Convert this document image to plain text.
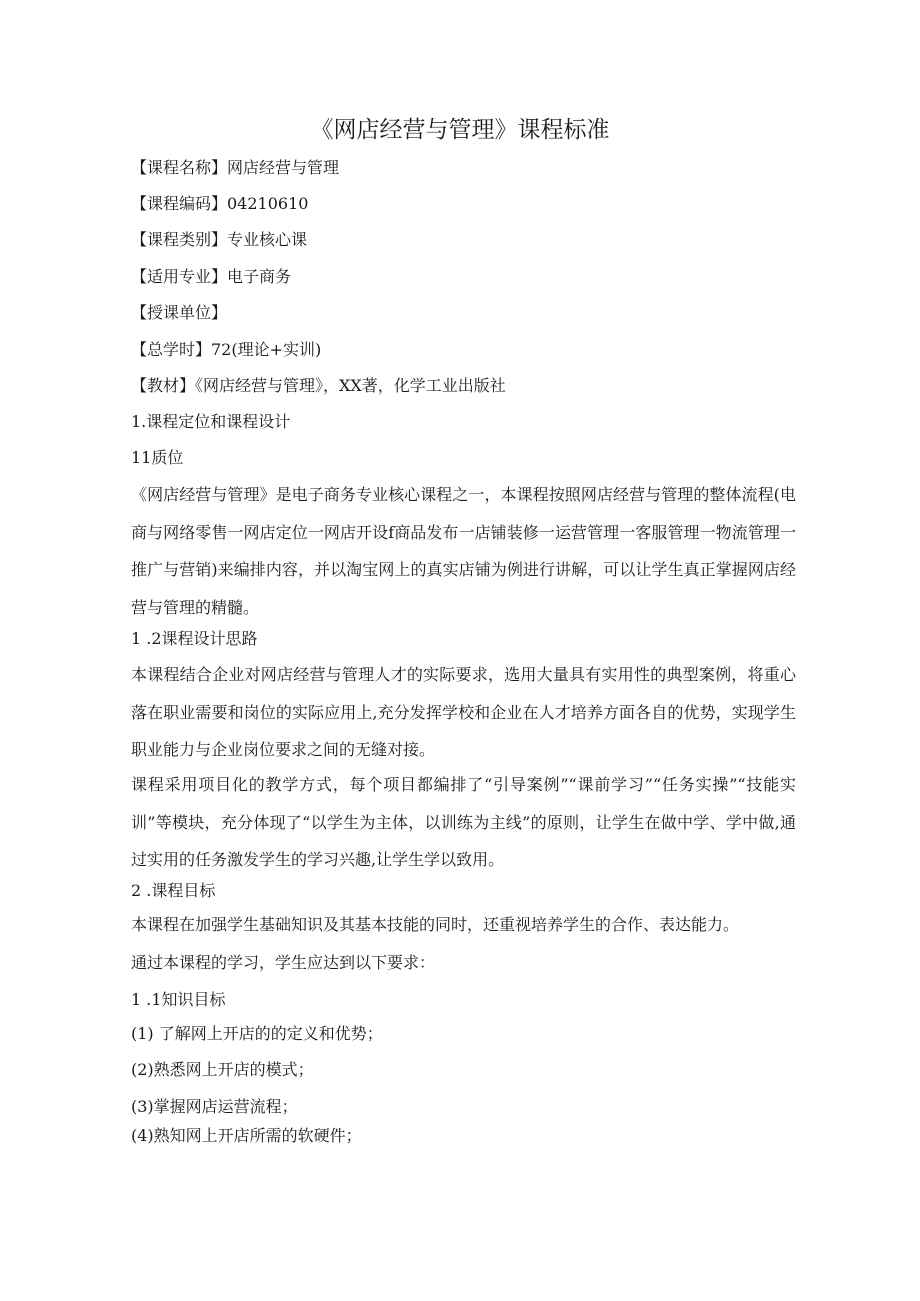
《网店经营与管理》课程标准
【课程名称】网店经营与管理
【课程编码】04210610
【课程类别】专业核心课
【适用专业】电子商务
【授课单位】
【总学时】72(理论+实训)
【教材】《网店经营与管理》，XX著，化学工业出版社
1.课程定位和课程设计
11质位

《网店经营与管理》是电子商务专业核心课程之一，本课程按照网店经营与管理的整体流程(电商与网络零售一网店定位一网店开设f商品发布一店铺装修一运营管理一客服管理一物流管理一推广与营销)来编排内容，并以淘宝网上的真实店铺为例进行讲解，可以让学生真正掌握网店经营与管理的精髓。

1 .2课程设计思路

本课程结合企业对网店经营与管理人才的实际要求，选用大量具有实用性的典型案例，将重心落在职业需要和岗位的实际应用上,充分发挥学校和企业在人才培养方面各自的优势，实现学生职业能力与企业岗位要求之间的无缝对接。

课程采用项目化的教学方式，每个项目都编排了“引导案例”“课前学习”“任务实操”“技能实训”等模块，充分体现了“以学生为主体，以训练为主线”的原则，让学生在做中学、学中做,通过实用的任务激发学生的学习兴趣,让学生学以致用。

2 .课程目标

本课程在加强学生基础知识及其基本技能的同时，还重视培养学生的合作、表达能力。

通过本课程的学习，学生应达到以下要求：

1 .1知识目标
(1) 了解网上开店的的定义和优势；
(2)熟悉网上开店的模式；
(3)掌握网店运营流程；
(4)熟知网上开店所需的软硬件；
